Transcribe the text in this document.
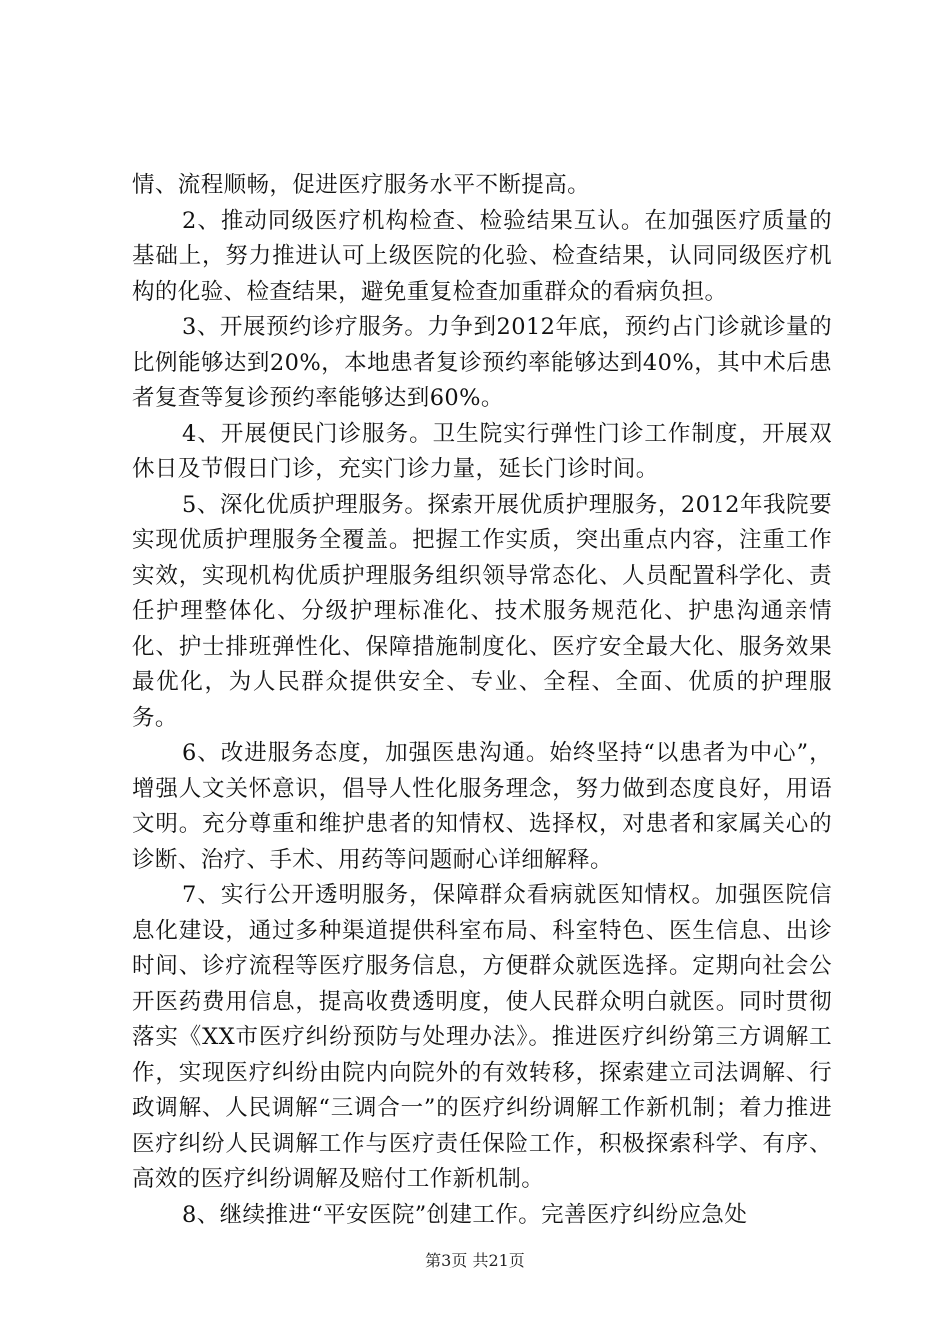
情、流程顺畅，促进医疗服务水平不断提高。

2、推动同级医疗机构检查、检验结果互认。在加强医疗质量的基础上，努力推进认可上级医院的化验、检查结果，认同同级医疗机构的化验、检查结果，避免重复检查加重群众的看病负担。

3、开展预约诊疗服务。力争到2012年底，预约占门诊就诊量的比例能够达到20%，本地患者复诊预约率能够达到40%，其中术后患者复查等复诊预约率能够达到60%。

4、开展便民门诊服务。卫生院实行弹性门诊工作制度，开展双休日及节假日门诊，充实门诊力量，延长门诊时间。

5、深化优质护理服务。探索开展优质护理服务，2012年我院要实现优质护理服务全覆盖。把握工作实质，突出重点内容，注重工作实效，实现机构优质护理服务组织领导常态化、人员配置科学化、责任护理整体化、分级护理标准化、技术服务规范化、护患沟通亲情化、护士排班弹性化、保障措施制度化、医疗安全最大化、服务效果最优化，为人民群众提供安全、专业、全程、全面、优质的护理服务。

6、改进服务态度，加强医患沟通。始终坚持“以患者为中心”，增强人文关怀意识，倡导人性化服务理念，努力做到态度良好，用语文明。充分尊重和维护患者的知情权、选择权，对患者和家属关心的诊断、治疗、手术、用药等问题耐心详细解释。

7、实行公开透明服务，保障群众看病就医知情权。加强医院信息化建设，通过多种渠道提供科室布局、科室特色、医生信息、出诊时间、诊疗流程等医疗服务信息，方便群众就医选择。定期向社会公开医药费用信息，提高收费透明度，使人民群众明白就医。同时贯彻落实《XX市医疗纠纷预防与处理办法》。推进医疗纠纷第三方调解工作，实现医疗纠纷由院内向院外的有效转移，探索建立司法调解、行政调解、人民调解“三调合一”的医疗纠纷调解工作新机制；着力推进医疗纠纷人民调解工作与医疗责任保险工作，积极探索科学、有序、高效的医疗纠纷调解及赔付工作新机制。

8、继续推进“平安医院”创建工作。完善医疗纠纷应急处

第3页 共21页
